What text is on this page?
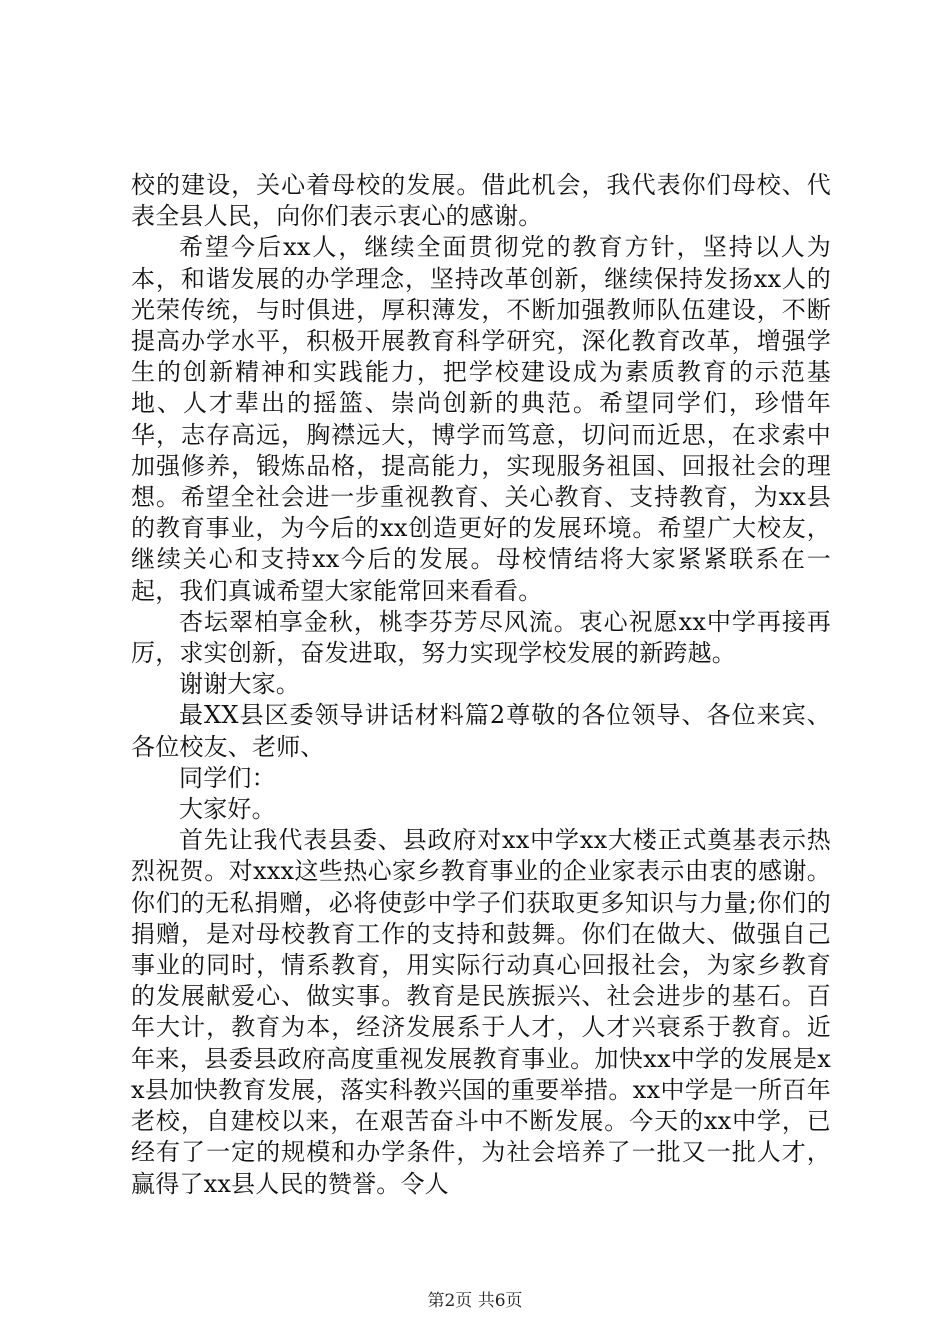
校的建设，关心着母校的发展。借此机会，我代表你们母校、代表全县人民，向你们表示衷心的感谢。

希望今后xx人，继续全面贯彻党的教育方针，坚持以人为本，和谐发展的办学理念，坚持改革创新，继续保持发扬xx人的光荣传统，与时俱进，厚积薄发，不断加强教师队伍建设，不断提高办学水平，积极开展教育科学研究，深化教育改革，增强学生的创新精神和实践能力，把学校建设成为素质教育的示范基地、人才辈出的摇篮、崇尚创新的典范。希望同学们，珍惜年华，志存高远，胸襟远大，博学而笃意，切问而近思，在求索中加强修养，锻炼品格，提高能力，实现服务祖国、回报社会的理想。希望全社会进一步重视教育、关心教育、支持教育，为xx县的教育事业，为今后的xx创造更好的发展环境。希望广大校友，继续关心和支持xx今后的发展。母校情结将大家紧紧联系在一起，我们真诚希望大家能常回来看看。

杏坛翠柏享金秋，桃李芬芳尽风流。衷心祝愿xx中学再接再厉，求实创新，奋发进取，努力实现学校发展的新跨越。

谢谢大家。

最XX县区委领导讲话材料篇2尊敬的各位领导、各位来宾、各位校友、老师、

同学们：

大家好。

首先让我代表县委、县政府对xx中学xx大楼正式奠基表示热烈祝贺。对xxx这些热心家乡教育事业的企业家表示由衷的感谢。你们的无私捐赠，必将使彭中学子们获取更多知识与力量;你们的捐赠，是对母校教育工作的支持和鼓舞。你们在做大、做强自己事业的同时，情系教育，用实际行动真心回报社会，为家乡教育的发展献爱心、做实事。教育是民族振兴、社会进步的基石。百年大计，教育为本，经济发展系于人才，人才兴衰系于教育。近年来，县委县政府高度重视发展教育事业。加快xx中学的发展是xx县加快教育发展，落实科教兴国的重要举措。xx中学是一所百年老校，自建校以来，在艰苦奋斗中不断发展。今天的xx中学，已经有了一定的规模和办学条件，为社会培养了一批又一批人才，赢得了xx县人民的赞誉。令人

第2页 共6页
